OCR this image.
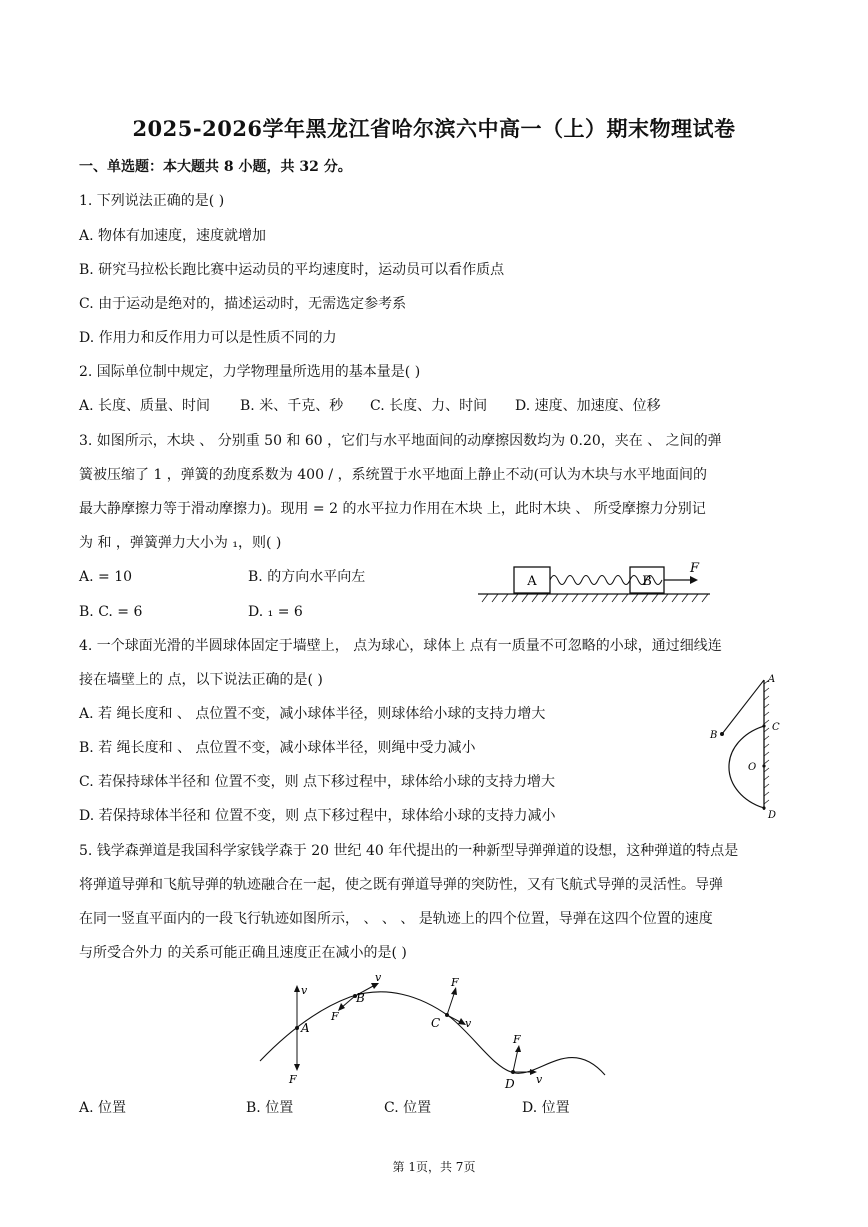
2025-2026学年黑龙江省哈尔滨六中高一（上）期末物理试卷
一、单选题：本大题共 8 小题，共 32 分。
1. 下列说法正确的是( )
A. 物体有加速度，速度就增加
B. 研究马拉松长跑比赛中运动员的平均速度时，运动员可以看作质点
C. 由于运动是绝对的，描述运动时，无需选定参考系
D. 作用力和反作用力可以是性质不同的力
2. 国际单位制中规定，力学物理量所选用的基本量是( )
A. 长度、质量、时间 B. 米、千克、秒 C. 长度、力、时间 D. 速度、加速度、位移
3. 如图所示，木块 、 分别重 50 和 60 ，它们与水平地面间的动摩擦因数均为 0.20，夹在 、 之间的弹
簧被压缩了 1 ，弹簧的劲度系数为 400 / ，系统置于水平地面上静止不动(可认为木块与水平地面间的
最大静摩擦力等于滑动摩擦力)。现用 = 2 的水平拉力作用在木块 上，此时木块 、 所受摩擦力分别记
为 和 ，弹簧弹力大小为 ₁，则( )
A. = 10	B. 的方向水平向左
B. C. = 6	D. ₁ = 6
A	B
F
4. 一个球面光滑的半圆球体固定于墙壁上， 点为球心，球体上 点有一质量不可忽略的小球，通过细线连
接在墙壁上的 点，以下说法正确的是( )
A. 若 绳长度和 、 点位置不变，减小球体半径，则球体给小球的支持力增大
B. 若 绳长度和 、 点位置不变，减小球体半径，则绳中受力减小
C. 若保持球体半径和 位置不变，则 点下移过程中，球体给小球的支持力增大
D. 若保持球体半径和 位置不变，则 点下移过程中，球体给小球的支持力减小
A
B
C
O
D
5. 钱学森弹道是我国科学家钱学森于 20 世纪 40 年代提出的一种新型导弹弹道的设想，这种弹道的特点是
将弹道导弹和飞航导弹的轨迹融合在一起，使之既有弹道导弹的突防性，又有飞航式导弹的灵活性。导弹
在同一竖直平面内的一段飞行轨迹如图所示， 、 、 、 是轨迹上的四个位置，导弹在这四个位置的速度
与所受合外力 的关系可能正确且速度正在减小的是( )
v
A
F
v
B
F
F
C v
F
D v
A. 位置	B. 位置	C. 位置	D. 位置
第 1页，共 7页
